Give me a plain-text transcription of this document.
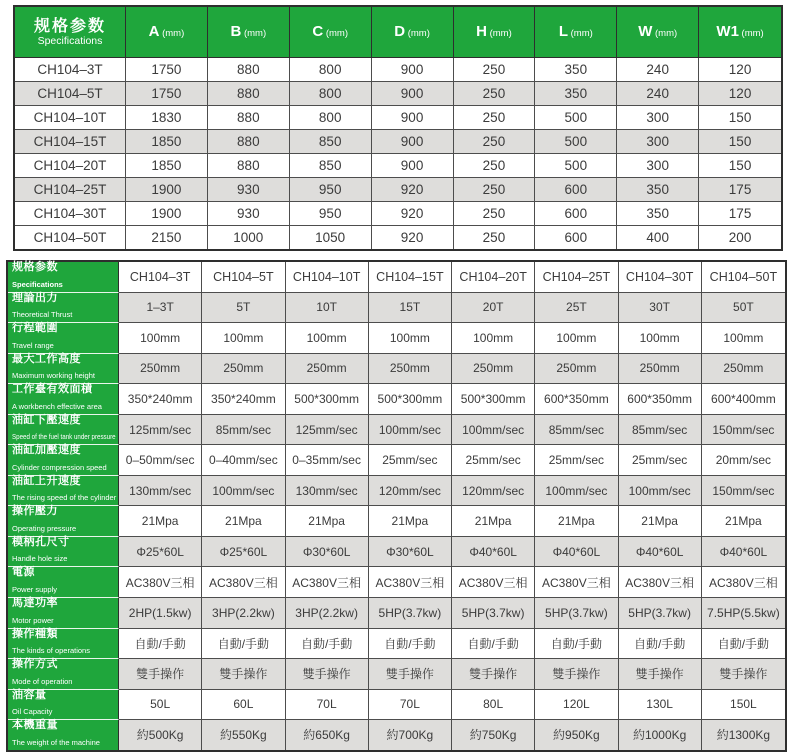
规格参数
Specifications	A (mm)	B (mm)	C (mm)	D (mm)	H (mm)	L (mm)	W (mm)	W1 (mm)
CH104–3T	1750	880	800	900	250	350	240	120
CH104–5T	1750	880	800	900	250	350	240	120
CH104–10T	1830	880	800	900	250	500	300	150
CH104–15T	1850	880	850	900	250	500	300	150
CH104–20T	1850	880	850	900	250	500	300	150
CH104–25T	1900	930	950	920	250	600	350	175
CH104–30T	1900	930	950	920	250	600	350	175
CH104–50T	2150	1000	1050	920	250	600	400	200
规格参数
Specifications	CH104–3T	CH104–5T	CH104–10T	CH104–15T	CH104–20T	CH104–25T	CH104–30T	CH104–50T

理論出力
Theoretical Thrust	1–3T	5T	10T	15T	20T	25T	30T	50T

行程範圍
Travel range	100mm	100mm	100mm	100mm	100mm	100mm	100mm	100mm

最大工作高度
Maximum working height	250mm	250mm	250mm	250mm	250mm	250mm	250mm	250mm

工作臺有效面積
A workbench effective area	350*240mm	350*240mm	500*300mm	500*300mm	500*300mm	600*350mm	600*350mm	600*400mm

油缸下壓速度
Speed of the fuel tank under pressure	125mm/sec	85mm/sec	125mm/sec	100mm/sec	100mm/sec	85mm/sec	85mm/sec	150mm/sec

油缸加壓速度
Cylinder compression speed	0–50mm/sec	0–40mm/sec	0–35mm/sec	25mm/sec	25mm/sec	25mm/sec	25mm/sec	20mm/sec

油缸上升速度
The rising speed of the cylinder	130mm/sec	100mm/sec	130mm/sec	120mm/sec	120mm/sec	100mm/sec	100mm/sec	150mm/sec

操作壓力
Operating pressure	21Mpa	21Mpa	21Mpa	21Mpa	21Mpa	21Mpa	21Mpa	21Mpa

模柄孔尺寸
Handle hole size	Φ25*60L	Φ25*60L	Φ30*60L	Φ30*60L	Φ40*60L	Φ40*60L	Φ40*60L	Φ40*60L

電源
Power supply	AC380V三相	AC380V三相	AC380V三相	AC380V三相	AC380V三相	AC380V三相	AC380V三相	AC380V三相

馬達功率
Motor power	2HP(1.5kw)	3HP(2.2kw)	3HP(2.2kw)	5HP(3.7kw)	5HP(3.7kw)	5HP(3.7kw)	5HP(3.7kw)	7.5HP(5.5kw)

操作種類
The kinds of operations	自動/手動	自動/手動	自動/手動	自動/手動	自動/手動	自動/手動	自動/手動	自動/手動

操作方式
Mode of operation	雙手操作	雙手操作	雙手操作	雙手操作	雙手操作	雙手操作	雙手操作	雙手操作

油容量
Oil Capacity	50L	60L	70L	70L	80L	120L	130L	150L

本機重量
The weight of the machine	約500Kg	約550Kg	約650Kg	約700Kg	約750Kg	約950Kg	約1000Kg	約1300Kg
